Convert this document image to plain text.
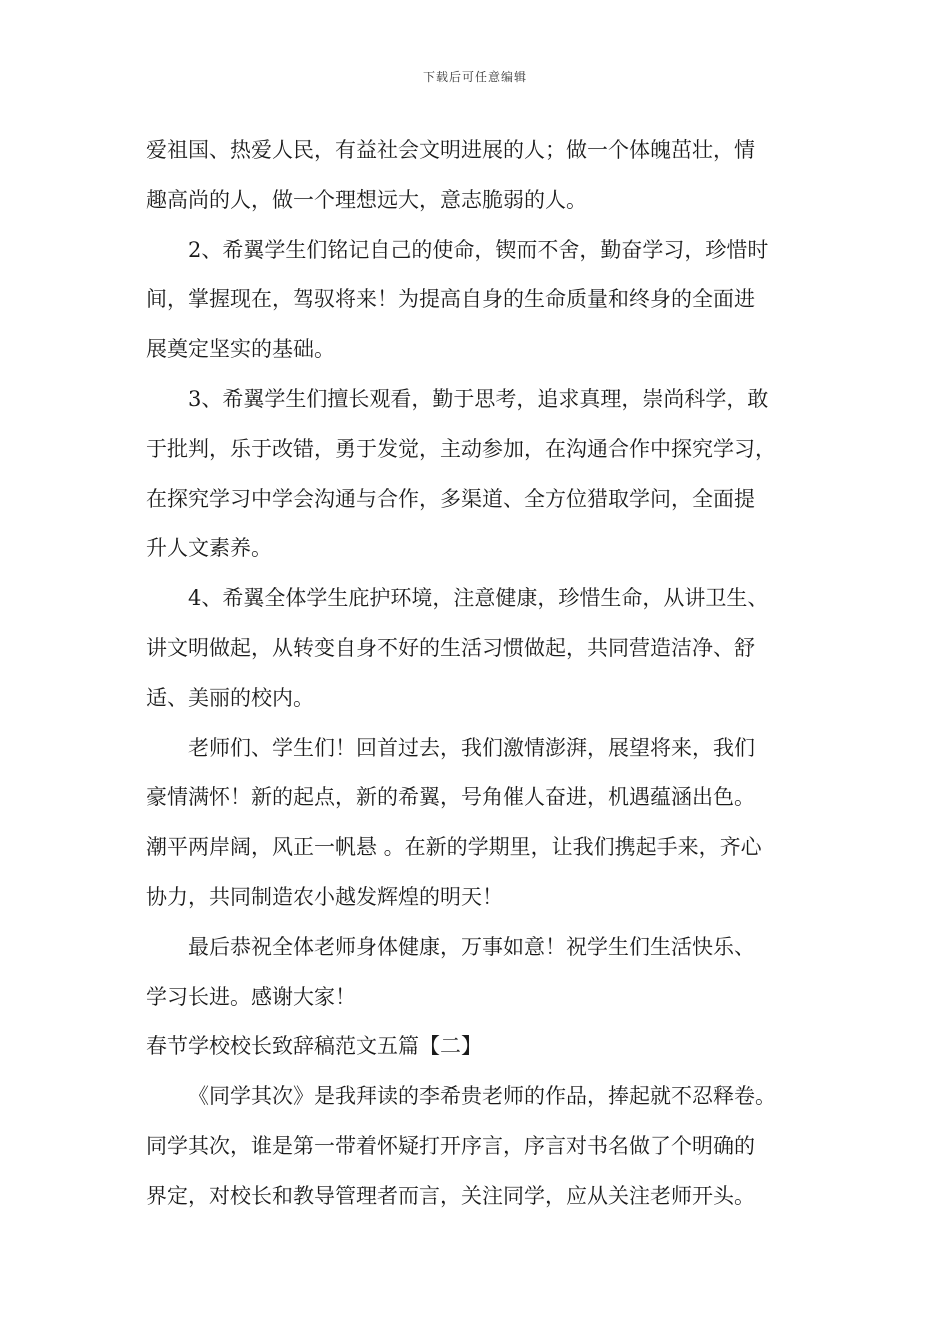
下载后可任意编辑
爱祖国、热爱人民，有益社会文明进展的人；做一个体魄茁壮，情
趣高尚的人，做一个理想远大，意志脆弱的人。
2、希翼学生们铭记自己的使命，锲而不舍，勤奋学习，珍惜时
间，掌握现在，驾驭将来！为提高自身的生命质量和终身的全面进
展奠定坚实的基础。
3、希翼学生们擅长观看，勤于思考，追求真理，崇尚科学，敢
于批判，乐于改错，勇于发觉，主动参加，在沟通合作中探究学习，
在探究学习中学会沟通与合作，多渠道、全方位猎取学问，全面提
升人文素养。
4、希翼全体学生庇护环境，注意健康，珍惜生命，从讲卫生、
讲文明做起，从转变自身不好的生活习惯做起，共同营造洁净、舒
适、美丽的校内。
老师们、学生们！回首过去，我们激情澎湃，展望将来，我们
豪情满怀！新的起点，新的希翼，号角催人奋进，机遇蕴涵出色。
潮平两岸阔，风正一帆悬 。在新的学期里，让我们携起手来，齐心
协力，共同制造农小越发辉煌的明天！
最后恭祝全体老师身体健康，万事如意！祝学生们生活快乐、
学习长进。感谢大家！
春节学校校长致辞稿范文五篇【二】
《同学其次》是我拜读的李希贵老师的作品，捧起就不忍释卷。
同学其次，谁是第一带着怀疑打开序言，序言对书名做了个明确的
界定，对校长和教导管理者而言，关注同学，应从关注老师开头。
